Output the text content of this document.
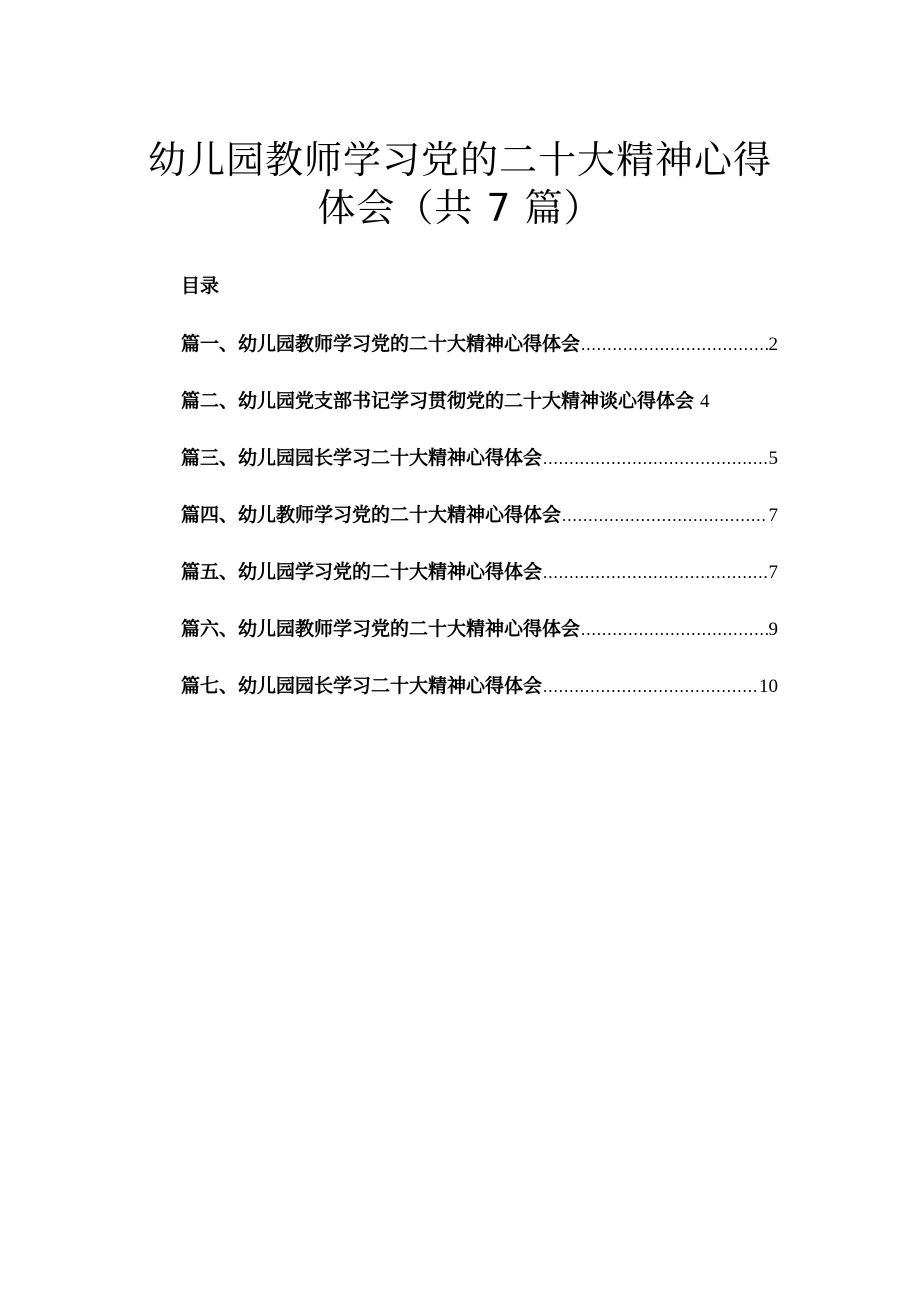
幼儿园教师学习党的二十大精神心得
体会（共 7 篇）
目录
篇一、幼儿园教师学习党的二十大精神心得体会 .....	2
篇二、幼儿园党支部书记学习贯彻党的二十大精神谈心得体会 4
篇三、幼儿园园长学习二十大精神心得体会 .....	5
篇四、幼儿教师学习党的二十大精神心得体会 .....	7
篇五、幼儿园学习党的二十大精神心得体会 .....	7
篇六、幼儿园教师学习党的二十大精神心得体会 .....	9
篇七、幼儿园园长学习二十大精神心得体会 .....	10
